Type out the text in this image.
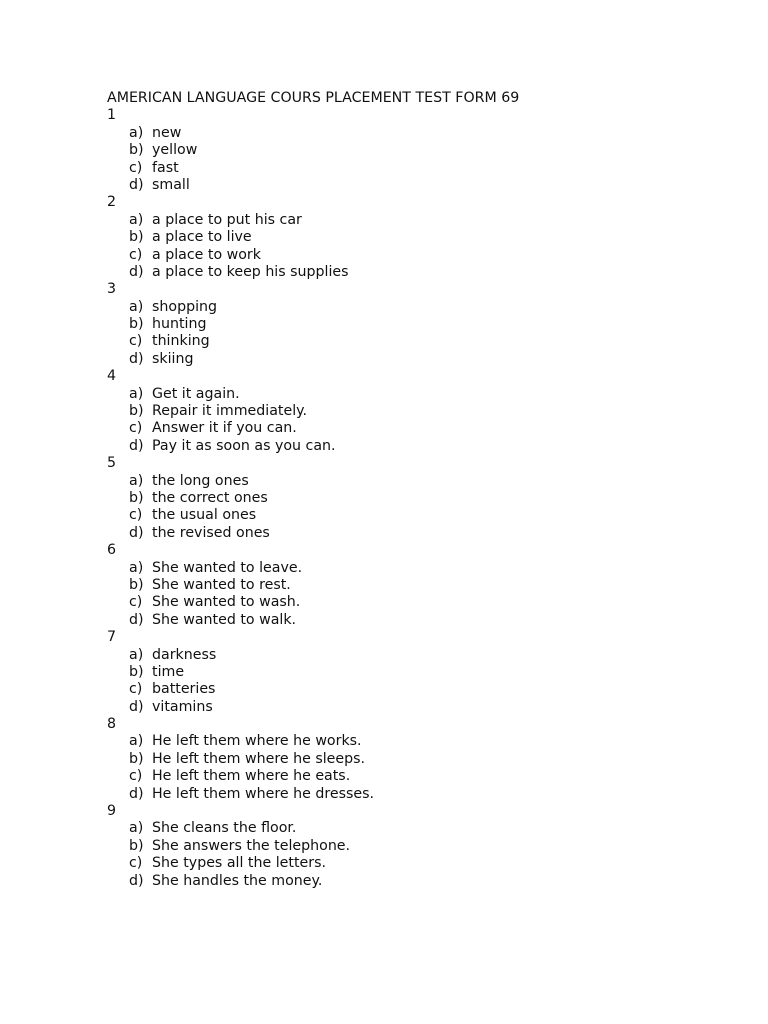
AMERICAN LANGUAGE COURS PLACEMENT TEST FORM 69
1
a) new
b) yellow
c) fast
d) small
2
a) a place to put his car
b) a place to live
c) a place to work
d) a place to keep his supplies
3
a) shopping
b) hunting
c) thinking
d) skiing
4
a) Get it again.
b) Repair it immediately.
c) Answer it if you can.
d) Pay it as soon as you can.
5
a) the long ones
b) the correct ones
c) the usual ones
d) the revised ones
6
a) She wanted to leave.
b) She wanted to rest.
c) She wanted to wash.
d) She wanted to walk.
7
a) darkness
b) time
c) batteries
d) vitamins
8
a) He left them where he works.
b) He left them where he sleeps.
c) He left them where he eats.
d) He left them where he dresses.
9
a) She cleans the floor.
b) She answers the telephone.
c) She types all the letters.
d) She handles the money.
